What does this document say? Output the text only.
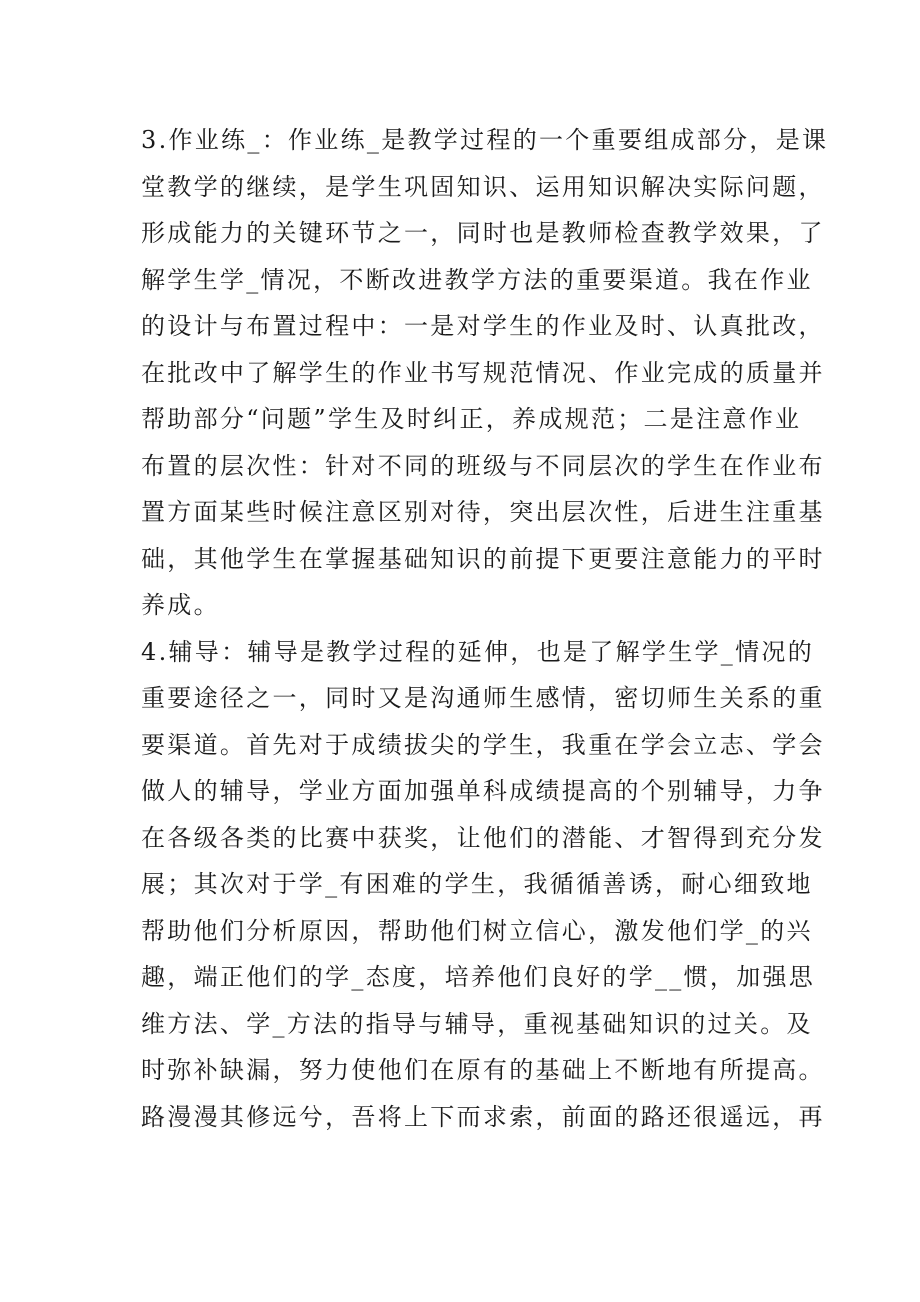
3.作业练_：作业练_是教学过程的一个重要组成部分，是课
堂教学的继续，是学生巩固知识、运用知识解决实际问题，
形成能力的关键环节之一，同时也是教师检查教学效果，了
解学生学_情况，不断改进教学方法的重要渠道。我在作业
的设计与布置过程中：一是对学生的作业及时、认真批改，
在批改中了解学生的作业书写规范情况、作业完成的质量并
帮助部分“问题”学生及时纠正，养成规范；二是注意作业
布置的层次性：针对不同的班级与不同层次的学生在作业布
置方面某些时候注意区别对待，突出层次性，后进生注重基
础，其他学生在掌握基础知识的前提下更要注意能力的平时
养成。
4.辅导：辅导是教学过程的延伸，也是了解学生学_情况的
重要途径之一，同时又是沟通师生感情，密切师生关系的重
要渠道。首先对于成绩拔尖的学生，我重在学会立志、学会
做人的辅导，学业方面加强单科成绩提高的个别辅导，力争
在各级各类的比赛中获奖，让他们的潜能、才智得到充分发
展；其次对于学_有困难的学生，我循循善诱，耐心细致地
帮助他们分析原因，帮助他们树立信心，激发他们学_的兴
趣，端正他们的学_态度，培养他们良好的学__惯，加强思
维方法、学_方法的指导与辅导，重视基础知识的过关。及
时弥补缺漏，努力使他们在原有的基础上不断地有所提高。
路漫漫其修远兮，吾将上下而求索，前面的路还很遥远，再
